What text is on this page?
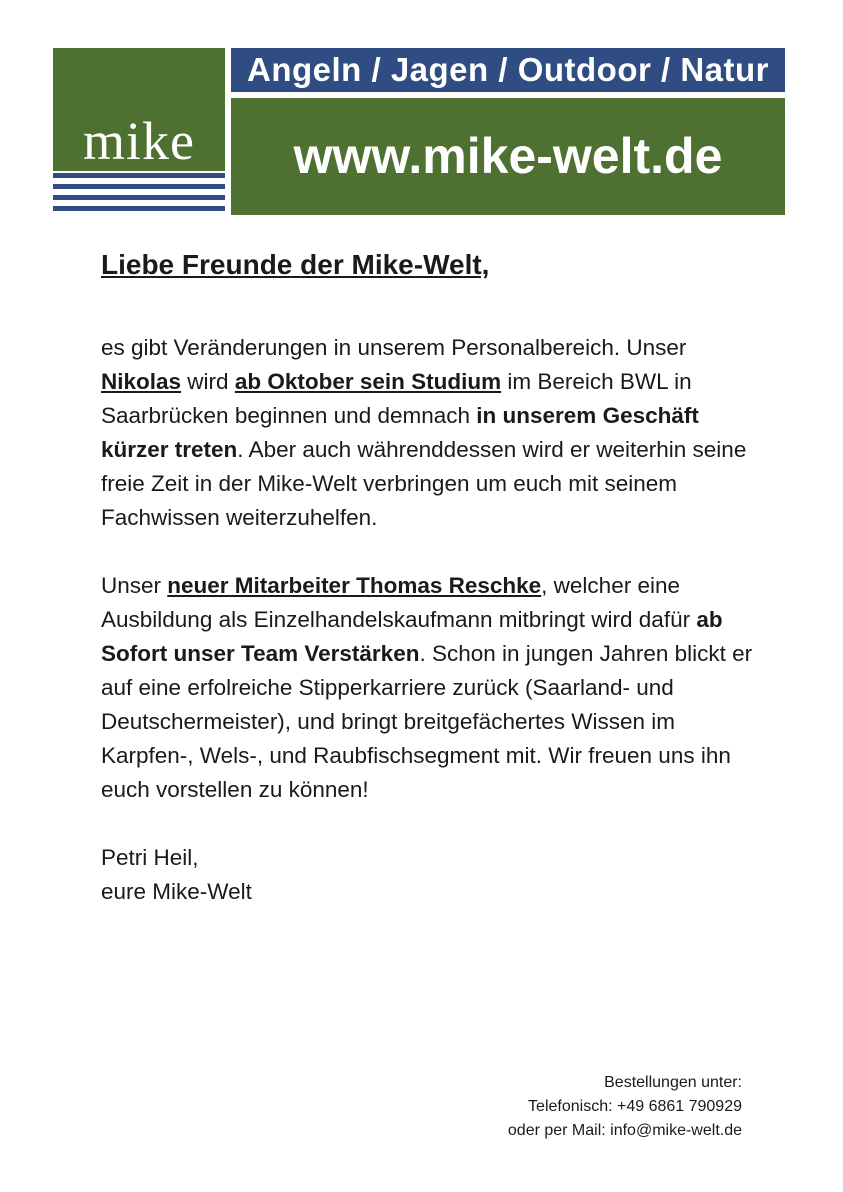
mike
Angeln / Jagen / Outdoor / Natur
www.mike-welt.de
Liebe Freunde der Mike-Welt,

es gibt Veränderungen in unserem Personalbereich. Unser Nikolas wird ab Oktober sein Studium im Bereich BWL in Saarbrücken beginnen und demnach in unserem Geschäft kürzer treten. Aber auch währenddessen wird er weiterhin seine freie Zeit in der Mike-Welt verbringen um euch mit seinem Fachwissen weiterzuhelfen.

Unser neuer Mitarbeiter Thomas Reschke, welcher eine Ausbildung als Einzelhandelskaufmann mitbringt wird dafür ab Sofort unser Team Verstärken. Schon in jungen Jahren blickt er auf eine erfolreiche Stipperkarriere zurück (Saarland- und Deutschermeister), und bringt breitgefächertes Wissen im Karpfen-, Wels-, und Raubfischsegment mit. Wir freuen uns ihn euch vorstellen zu können!

Petri Heil,
eure Mike-Welt

Bestellungen unter:
Telefonisch: +49 6861 790929
oder per Mail: info@mike-welt.de
